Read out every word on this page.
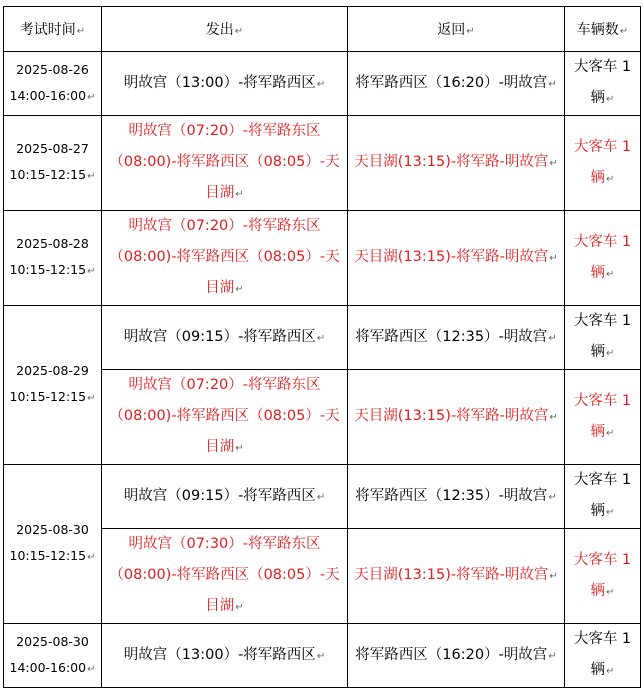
考试时间↵	发出↵	返回↵	车辆数↵

2025-08-26
14:00-16:00↵	明故宫（13:00）-将军路西区↵	将军路西区（16:20）-明故宫↵	大客车 1 辆↵

2025-08-27
10:15-12:15↵	明故宫（07:20）-将军路东区（08:00)-将军路西区（08:05）-天目湖↵	天目湖(13:15)-将军路-明故宫↵	大客车 1 辆↵

2025-08-28
10:15-12:15↵	明故宫（07:20）-将军路东区（08:00)-将军路西区（08:05）-天目湖↵	天目湖(13:15)-将军路-明故宫↵	大客车 1 辆↵

2025-08-29
10:15-12:15↵	明故宫（09:15）-将军路西区↵	将军路西区（12:35）-明故宫↵	大客车 1 辆↵
	明故宫（07:20）-将军路东区（08:00)-将军路西区（08:05）-天目湖↵	天目湖(13:15)-将军路-明故宫↵	大客车 1 辆↵

2025-08-30
10:15-12:15↵	明故宫（09:15）-将军路西区↵	将军路西区（12:35）-明故宫↵	大客车 1 辆↵
	明故宫（07:30）-将军路东区（08:00)-将军路西区（08:05）-天目湖↵	天目湖(13:15)-将军路-明故宫↵	大客车 1 辆↵

2025-08-30
14:00-16:00↵	明故宫（13:00）-将军路西区↵	将军路西区（16:20）-明故宫↵	大客车 1 辆↵
